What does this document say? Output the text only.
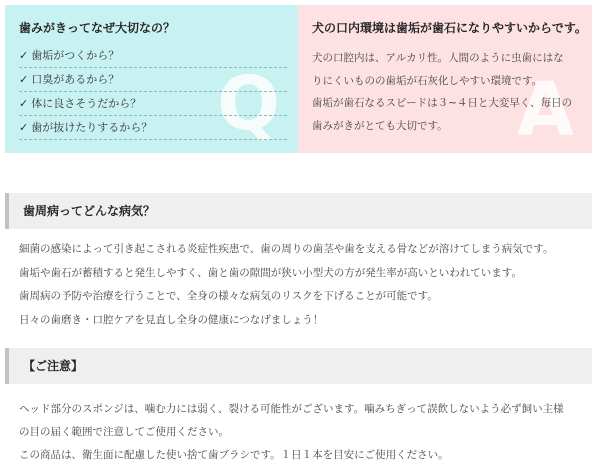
Q
歯みがきってなぜ大切なの？
✓ 歯垢がつくから？
✓ 口臭があるから？
✓ 体に良さそうだから？
✓ 歯が抜けたりするから？	A
犬の口内環境は歯垢が歯石になりやすいからです。
犬の口腔内は、アルカリ性。人間のように虫歯にはな
りにくいものの歯垢が石灰化しやすい環境です。
歯垢が歯石なるスピードは３~４日と大変早く、毎日の
歯みがきがとても大切です。
歯周病ってどんな病気？
細菌の感染によって引き起こされる炎症性疾患で、歯の周りの歯茎や歯を支える骨などが溶けてしまう病気です。
歯垢や歯石が蓄積すると発生しやすく、歯と歯の隙間が狭い小型犬の方が発生率が高いといわれています。
歯周病の予防や治療を行うことで、全身の様々な病気のリスクを下げることが可能です。
日々の歯磨き・口腔ケアを見直し全身の健康につなげましょう！
【ご注意】
ヘッド部分のスポンジは、噛む力には弱く、裂ける可能性がございます。噛みちぎって誤飲しないよう必ず飼い主様
の目の届く範囲で注意してご使用ください。
この商品は、衛生面に配慮した使い捨て歯ブラシです。１日１本を目安にご使用ください。
